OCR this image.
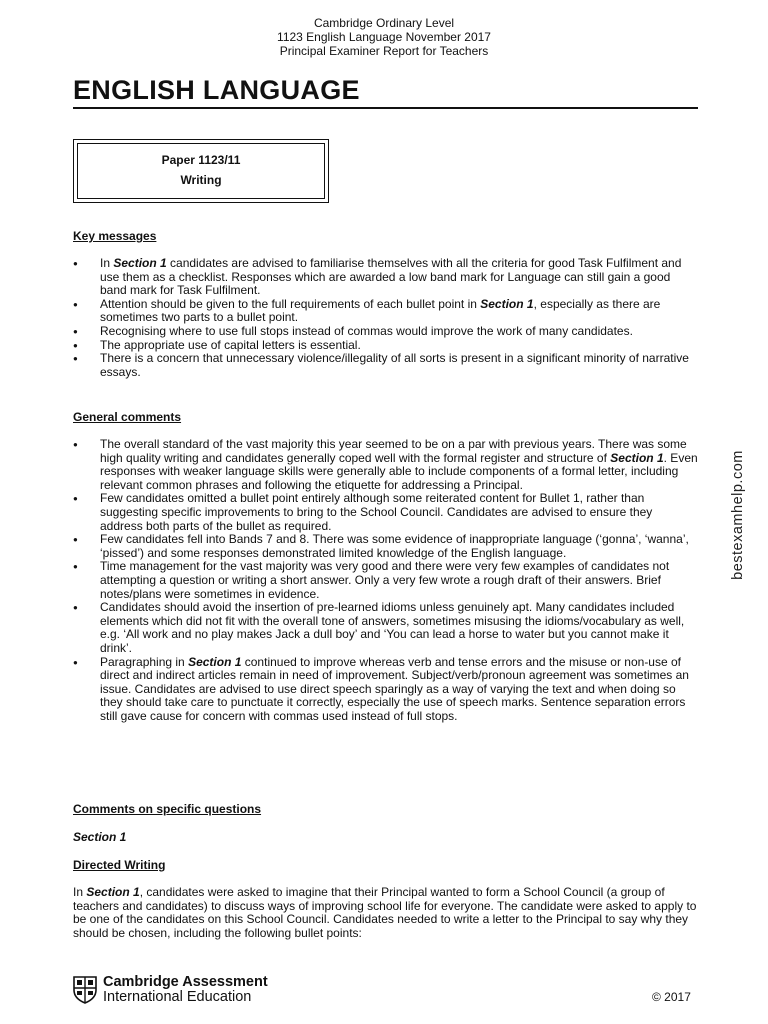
Cambridge Ordinary Level
1123 English Language November 2017
Principal Examiner Report for Teachers
ENGLISH LANGUAGE
Paper 1123/11
Writing
Key messages
● In Section 1 candidates are advised to familiarise themselves with all the criteria for good Task Fulfilment and use them as a checklist. Responses which are awarded a low band mark for Language can still gain a good band mark for Task Fulfilment.
● Attention should be given to the full requirements of each bullet point in Section 1, especially as there are sometimes two parts to a bullet point.
● Recognising where to use full stops instead of commas would improve the work of many candidates.
● The appropriate use of capital letters is essential.
● There is a concern that unnecessary violence/illegality of all sorts is present in a significant minority of narrative essays.
General comments
● The overall standard of the vast majority this year seemed to be on a par with previous years. There was some high quality writing and candidates generally coped well with the formal register and structure of Section 1. Even responses with weaker language skills were generally able to include components of a formal letter, including relevant common phrases and following the etiquette for addressing a Principal.
● Few candidates omitted a bullet point entirely although some reiterated content for Bullet 1, rather than suggesting specific improvements to bring to the School Council. Candidates are advised to ensure they address both parts of the bullet as required.
● Few candidates fell into Bands 7 and 8. There was some evidence of inappropriate language (‘gonna’, ‘wanna’, ‘pissed’) and some responses demonstrated limited knowledge of the English language.
● Time management for the vast majority was very good and there were very few examples of candidates not attempting a question or writing a short answer. Only a very few wrote a rough draft of their answers. Brief notes/plans were sometimes in evidence.
● Candidates should avoid the insertion of pre-learned idioms unless genuinely apt. Many candidates included elements which did not fit with the overall tone of answers, sometimes misusing the idioms/vocabulary as well, e.g. ‘All work and no play makes Jack a dull boy’ and ‘You can lead a horse to water but you cannot make it drink’.
● Paragraphing in Section 1 continued to improve whereas verb and tense errors and the misuse or non-use of direct and indirect articles remain in need of improvement. Subject/verb/pronoun agreement was sometimes an issue. Candidates are advised to use direct speech sparingly as a way of varying the text and when doing so they should take care to punctuate it correctly, especially the use of speech marks. Sentence separation errors still gave cause for concern with commas used instead of full stops.
Comments on specific questions
Section 1
Directed Writing
In Section 1, candidates were asked to imagine that their Principal wanted to form a School Council (a group of teachers and candidates) to discuss ways of improving school life for everyone. The candidate were asked to apply to be one of the candidates on this School Council. Candidates needed to write a letter to the Principal to say why they should be chosen, including the following bullet points:
bestexamhelp.com
Cambridge Assessment
International Education	© 2017
